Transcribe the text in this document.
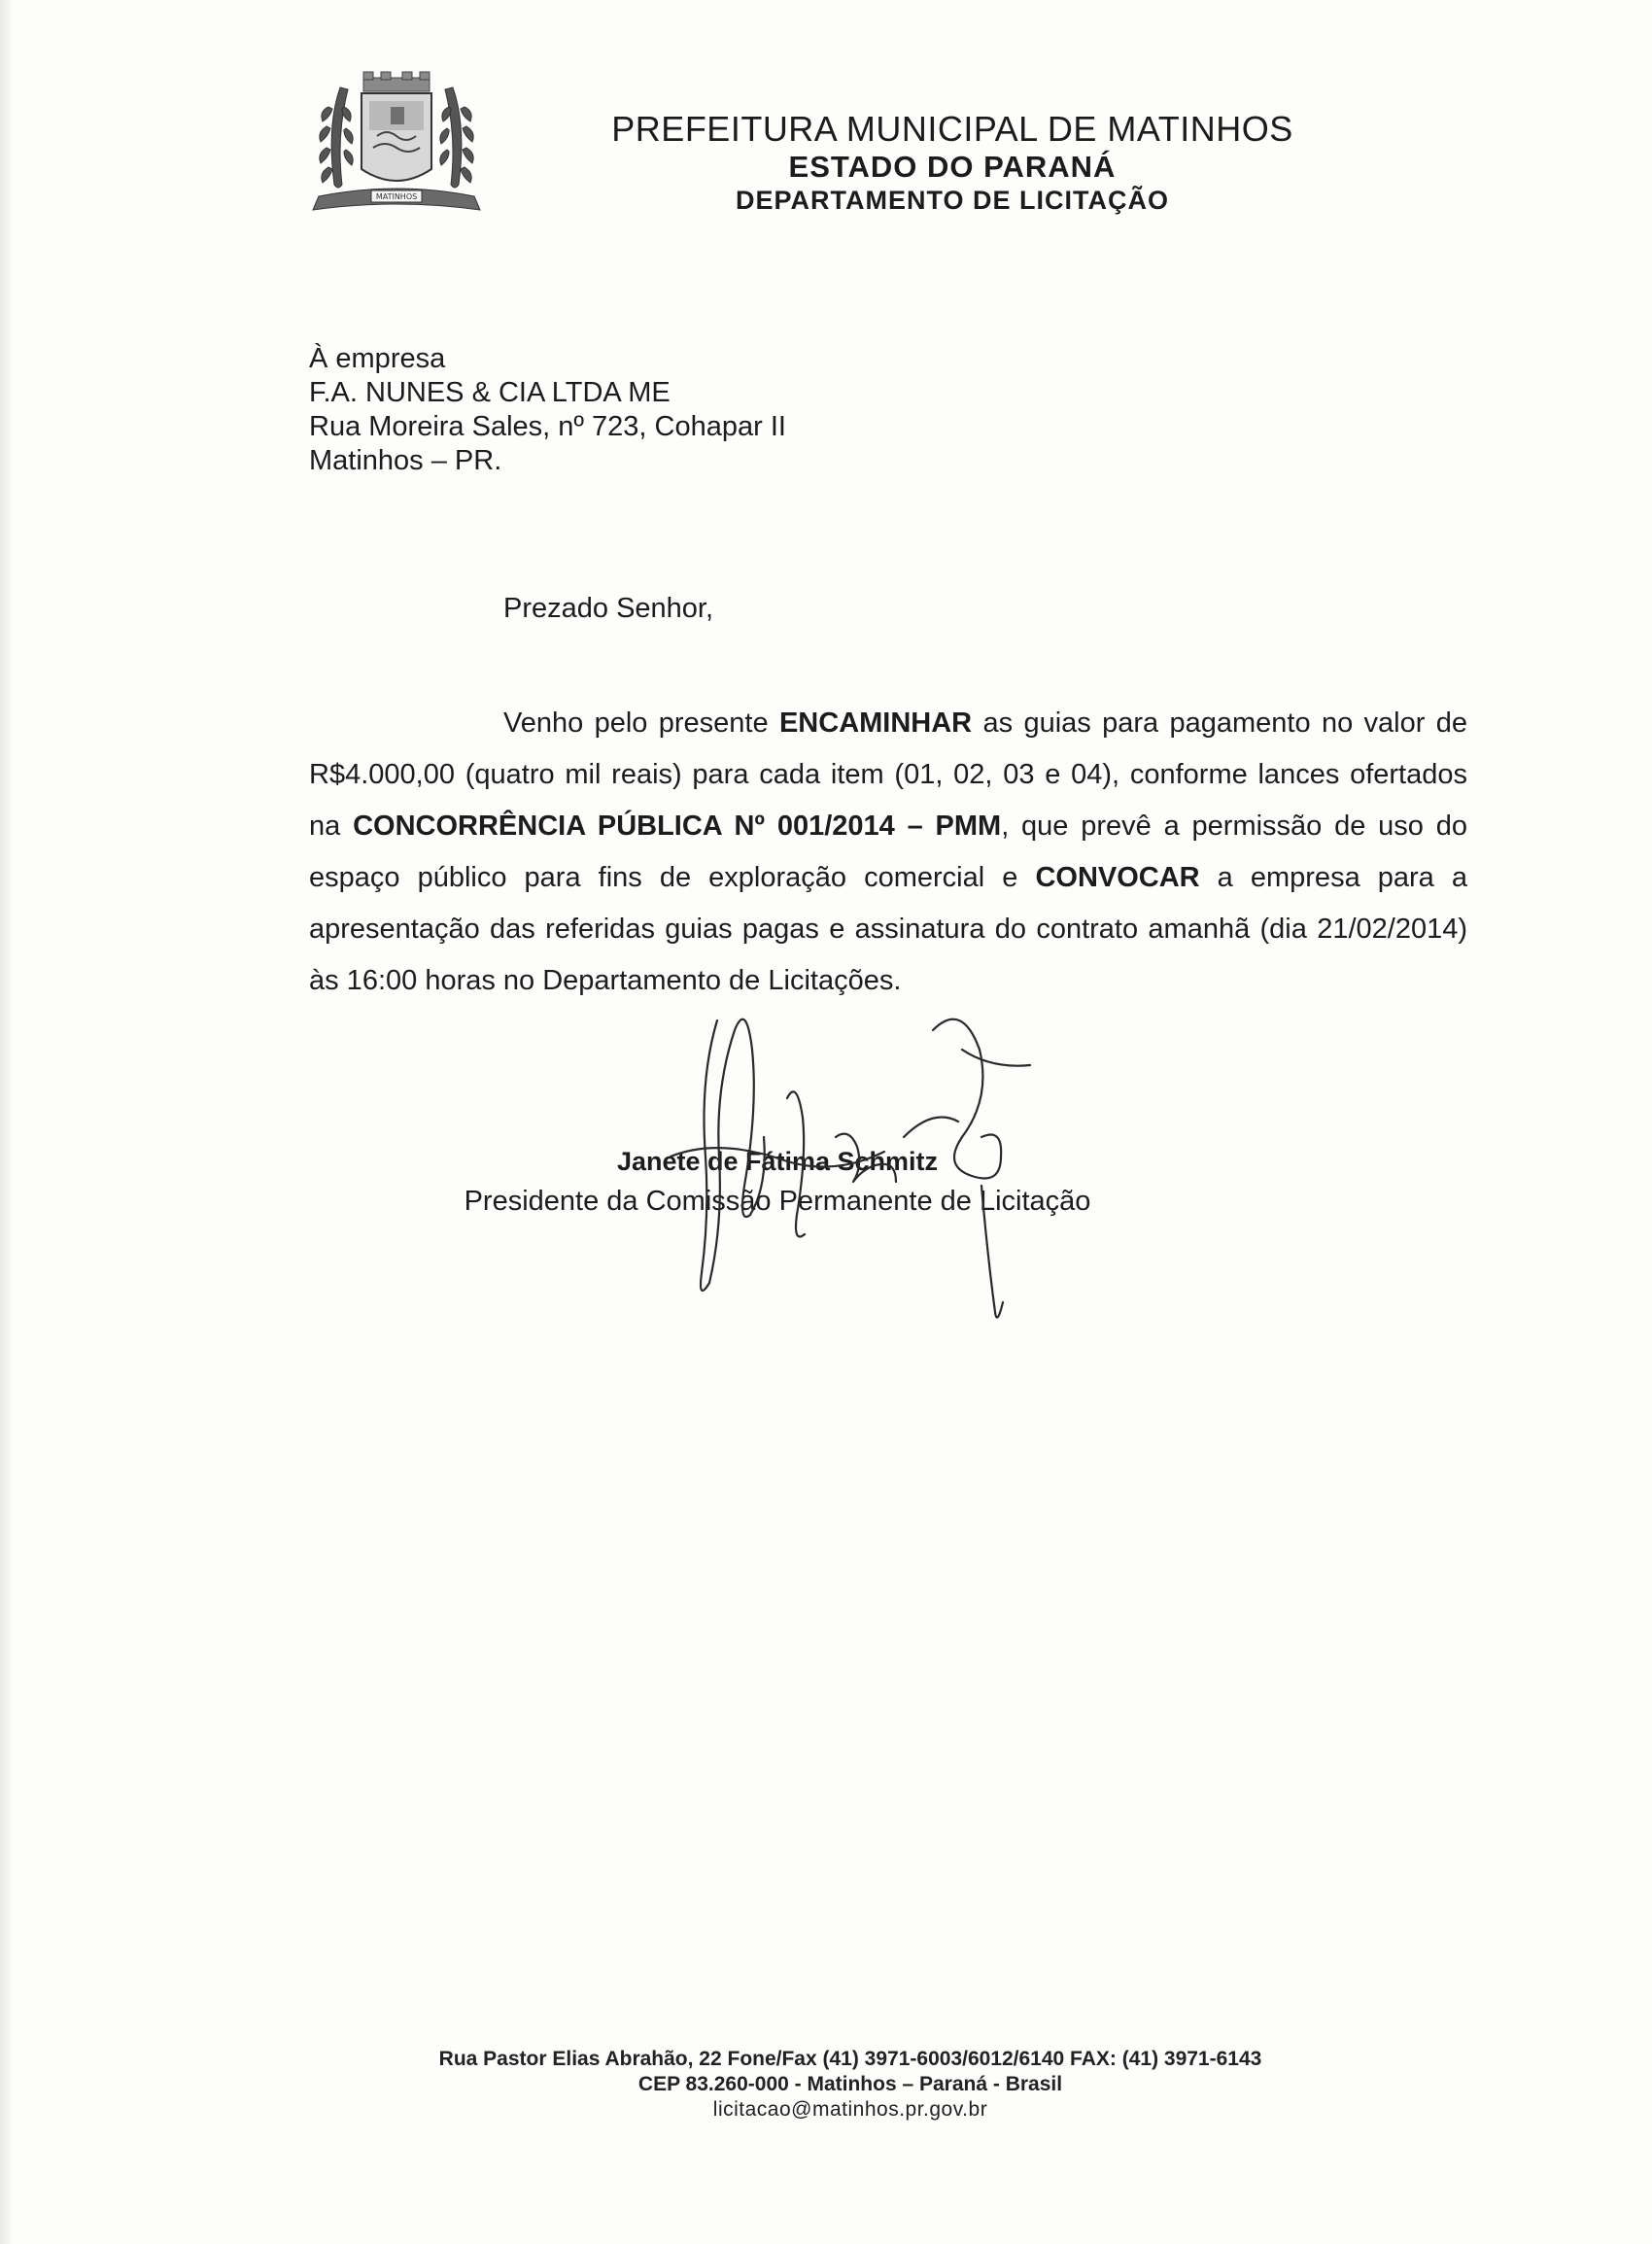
MATINHOS
PREFEITURA MUNICIPAL DE MATINHOS
ESTADO DO PARANÁ
DEPARTAMENTO DE LICITAÇÃO
À empresa
F.A. NUNES & CIA LTDA ME
Rua Moreira Sales, nº 723, Cohapar II
Matinhos – PR.
Prezado Senhor,
Venho pelo presente ENCAMINHAR as guias para pagamento no valor de R$4.000,00 (quatro mil reais) para cada item (01, 02, 03 e 04), conforme lances ofertados na CONCORRÊNCIA PÚBLICA Nº 001/2014 – PMM, que prevê a permissão de uso do espaço público para fins de exploração comercial e CONVOCAR a empresa para a apresentação das referidas guias pagas e assinatura do contrato amanhã (dia 21/02/2014) às 16:00 horas no Departamento de Licitações.
Janete de Fátima Schmitz
Presidente da Comissão Permanente de Licitação
Rua Pastor Elias Abrahão, 22 Fone/Fax (41) 3971-6003/6012/6140 FAX: (41) 3971-6143
CEP 83.260-000 - Matinhos – Paraná - Brasil
licitacao@matinhos.pr.gov.br
